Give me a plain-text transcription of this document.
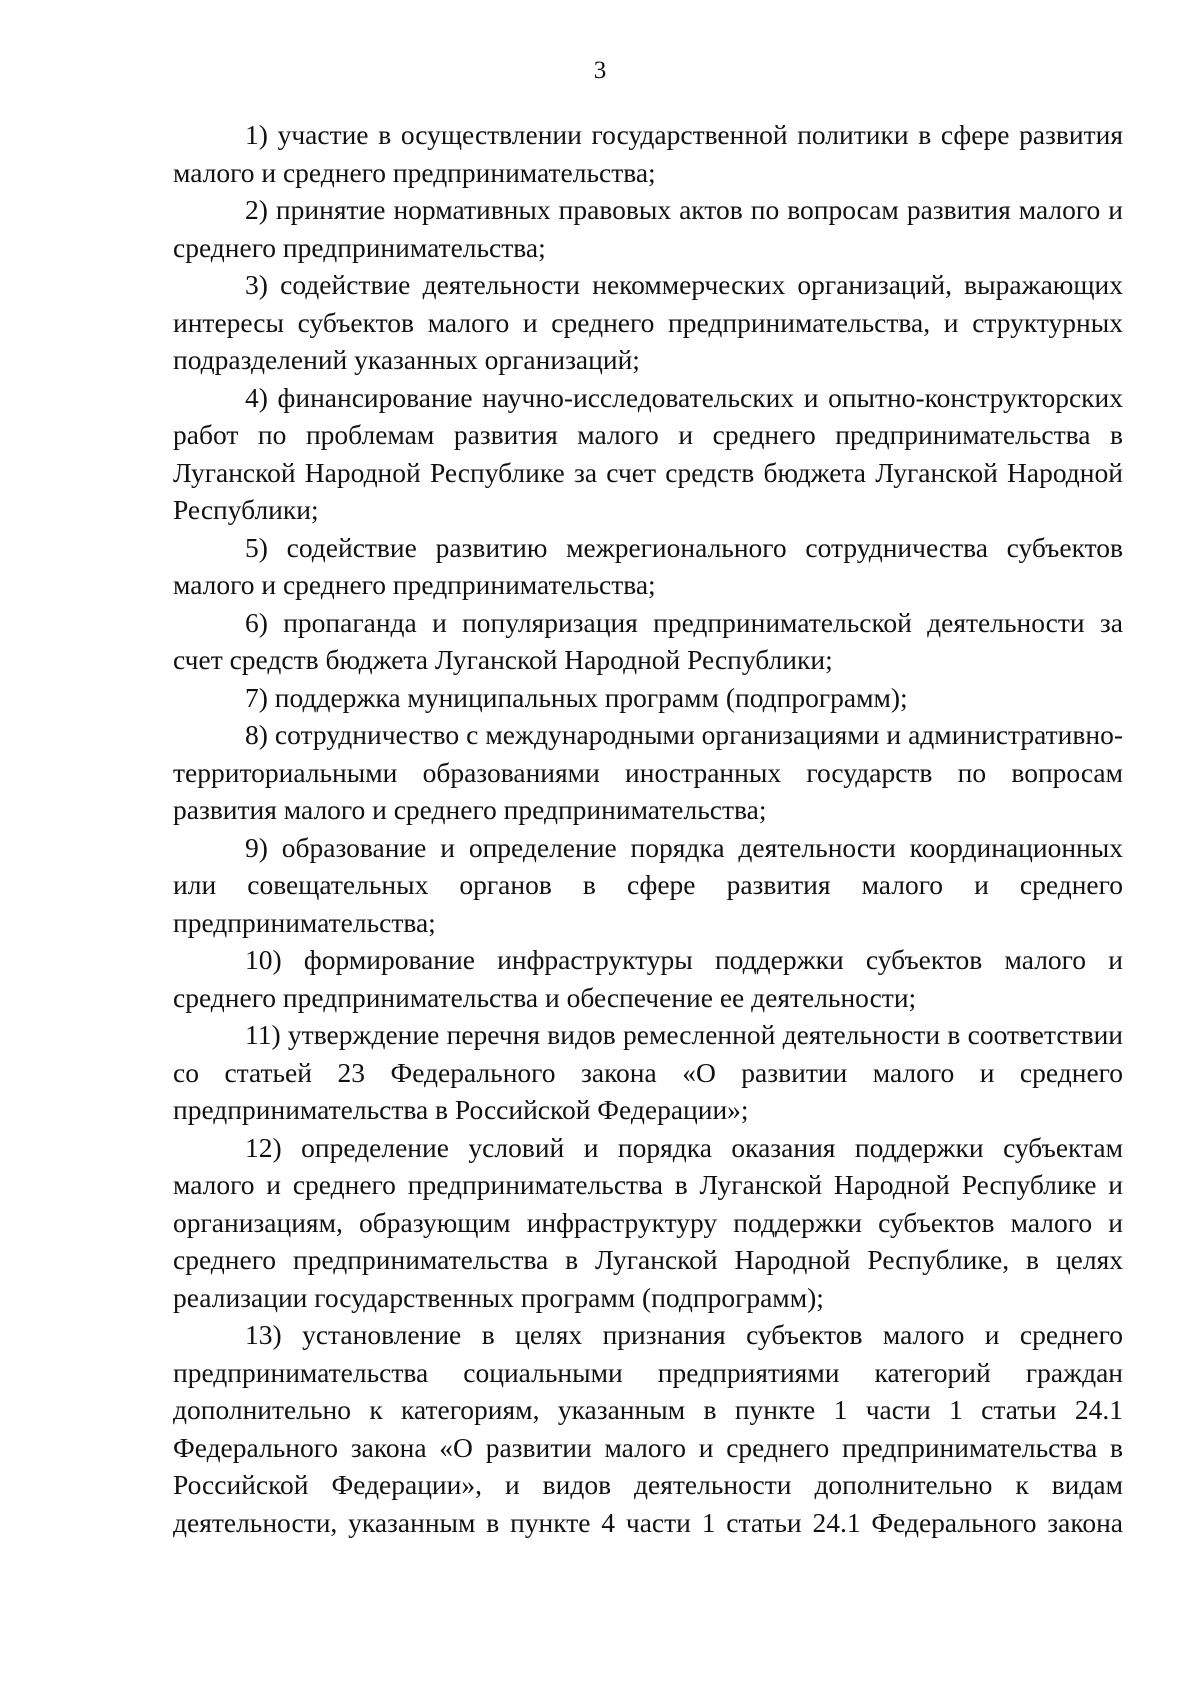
3

1) участие в осуществлении государственной политики в сфере развития малого и среднего предпринимательства;

2) принятие нормативных правовых актов по вопросам развития малого и среднего предпринимательства;

3) содействие деятельности некоммерческих организаций, выражающих интересы субъектов малого и среднего предпринимательства, и структурных подразделений указанных организаций;

4) финансирование научно-исследовательских и опытно-конструкторских работ по проблемам развития малого и среднего предпринимательства в Луганской Народной Республике за счет средств бюджета Луганской Народной Республики;

5) содействие развитию межрегионального сотрудничества субъектов малого и среднего предпринимательства;

6) пропаганда и популяризация предпринимательской деятельности за счет средств бюджета Луганской Народной Республики;

7) поддержка муниципальных программ (подпрограмм);

8) сотрудничество с международными организациями и административно-территориальными образованиями иностранных государств по вопросам развития малого и среднего предпринимательства;

9) образование и определение порядка деятельности координационных или совещательных органов в сфере развития малого и среднего предпринимательства;

10) формирование инфраструктуры поддержки субъектов малого и среднего предпринимательства и обеспечение ее деятельности;

11) утверждение перечня видов ремесленной деятельности в соответствии со статьей 23 Федерального закона «О развитии малого и среднего предпринимательства в Российской Федерации»;

12) определение условий и порядка оказания поддержки субъектам малого и среднего предпринимательства в Луганской Народной Республике и организациям, образующим инфраструктуру поддержки субъектов малого и среднего предпринимательства в Луганской Народной Республике, в целях реализации государственных программ (подпрограмм);

13) установление в целях признания субъектов малого и среднего предпринимательства социальными предприятиями категорий граждан дополнительно к категориям, указанным в пункте 1 части 1 статьи 24.1 Федерального закона «О развитии малого и среднего предпринимательства в Российской Федерации», и видов деятельности дополнительно к видам деятельности, указанным в пункте 4 части 1 статьи 24.1 Федерального закона
